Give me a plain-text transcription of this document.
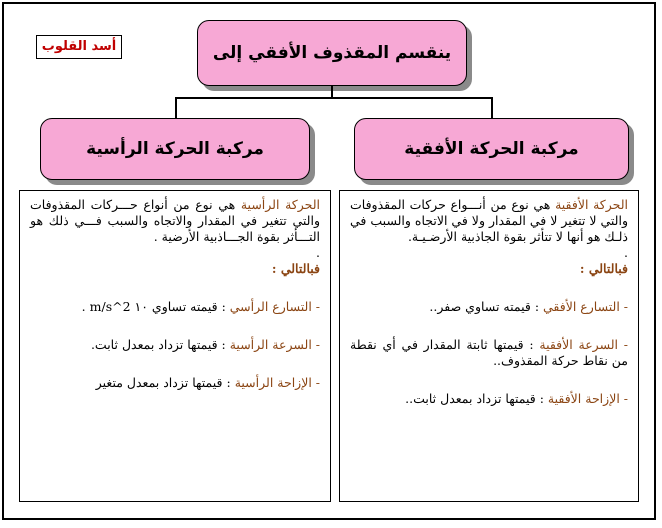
أسد القلوب	ينقسم المقذوف الأفقي إلى
مركبة الحركة الرأسية	مركبة الحركة الأفقية

الحركة الأفقية هي نوع من أنـــواع حركات المقذوفات والتي لا تتغير لا في المقدار ولا في الاتجاه والسبب في ذلـك هو أنها لا تتأثر بقوة الجاذبية الأرضـيـة.

.

فبالتالي :

- التسارع الأفقي : قيمته تساوي صفر..

- السرعة الأفقية : قيمتها ثابتة المقدار في أي نقطة من نقاط حركة المقذوف..

- الإزاحة الأفقية : قيمتها تزداد بمعدل ثابت..

الحركة الرأسية هي نوع من أنواع حـــركات المقذوفات والتي تتغير في المقدار والاتجاه والسبب فـــي ذلك هو التـــأثر بقوة الجـــاذبية الأرضية .

.

فبالتالي :

- التسارع الرأسي : قيمته تساوي ١٠ m/s^2 .

- السرعة الرأسية : قيمتها تزداد بمعدل ثابت.

- الإزاحة الرأسية : قيمتها تزداد بمعدل متغير
